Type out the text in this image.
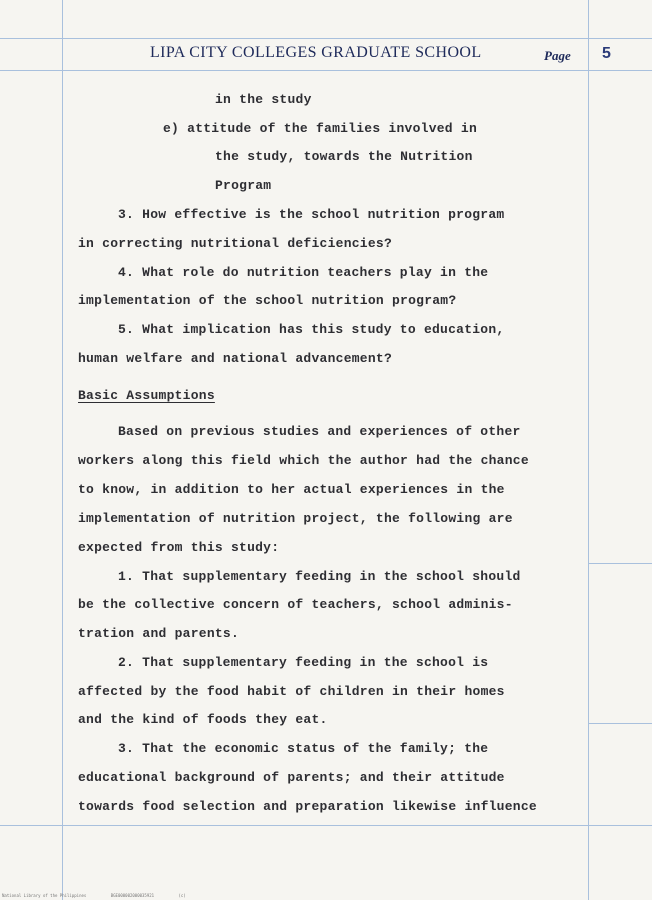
LIPA CITY COLLEGES GRADUATE SCHOOL	Page 5
in the study
e) attitude of the families involved in
the study, towards the Nutrition
Program
3. How effective is the school nutrition program
in correcting nutritional deficiencies?
4. What role do nutrition teachers play in the
implementation of the school nutrition program?
5. What implication has this study to education,
human welfare and national advancement?
Basic Assumptions
Based on previous studies and experiences of other
workers along this field which the author had the chance
to know, in addition to her actual experiences in the
implementation of nutrition project, the following are
expected from this study:
1. That supplementary feeding in the school should
be the collective concern of teachers, school adminis-
tration and parents.
2. That supplementary feeding in the school is
affected by the food habit of children in their homes
and the kind of foods they eat.
3. That the economic status of the family; the
educational background of parents; and their attitude
towards food selection and preparation likewise influence
National Library of the Philippines	BGE000002000035921	(c)
